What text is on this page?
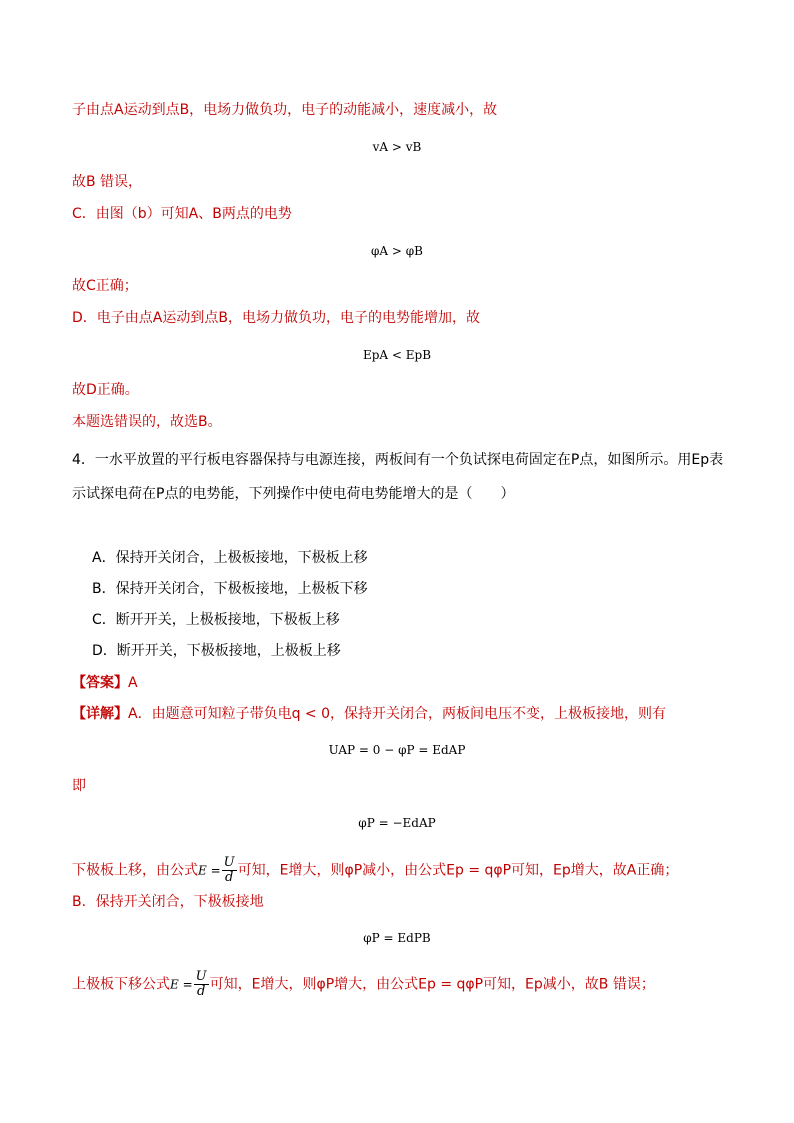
子由点A运动到点B，电场力做负功，电子的动能减小，速度减小，故
vA > vB
故B 错误，
C．由图（b）可知A、B两点的电势
φA > φB
故C正确；
D．电子由点A运动到点B，电场力做负功，电子的电势能增加，故
EpA < EpB
故D正确。
本题选错误的，故选B。
4．一水平放置的平行板电容器保持与电源连接，两板间有一个负试探电荷固定在P点，如图所示。用Ep表
示试探电荷在P点的电势能，下列操作中使电荷电势能增大的是（　　）
A．保持开关闭合，上极板接地，下极板上移
B．保持开关闭合，下极板接地，上极板下移
C．断开开关，上极板接地，下极板上移
D．断开开关，下极板接地，上极板上移
【答案】A
【详解】A．由题意可知粒子带负电q < 0，保持开关闭合，两板间电压不变，上极板接地，则有
UAP = 0 − φP = EdAP
即
φP = −EdAP
下极板上移，由公式$E = \frac{U}{d}$ 可知，E增大，则φP减小，由公式Ep = qφP可知，Ep增大，故A正确；
B．保持开关闭合，下极板接地
φP = EdPB
上极板下移公式$E = \frac{U}{d}$ 可知，E增大，则φP增大，由公式Ep = qφP可知，Ep减小，故B 错误；
